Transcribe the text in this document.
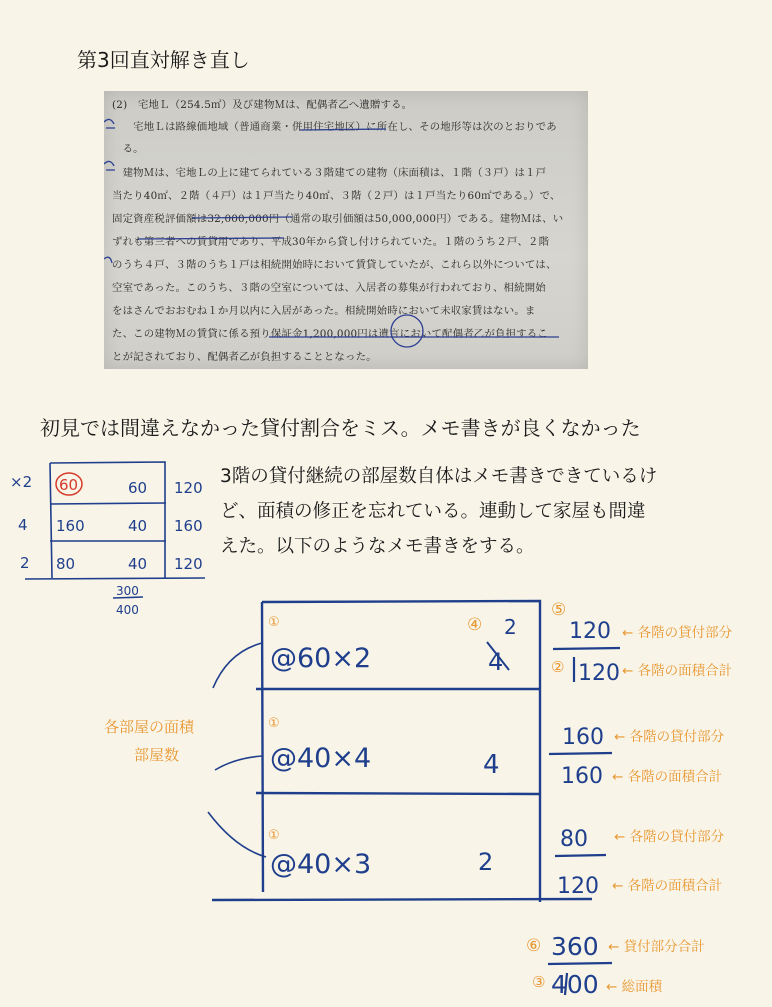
第3回直対解き直し
(2)　宅地Ｌ（254.5㎡）及び建物Ｍは、配偶者乙へ遺贈する。
　　宅地Ｌは路線価地域（普通商業・併用住宅地区）に所在し、その地形等は次のとおりであ
　る。
　建物Ｍは、宅地Ｌの上に建てられている３階建ての建物（床面積は、１階（３戸）は１戸
当たり40㎡、２階（４戸）は１戸当たり40㎡、３階（２戸）は１戸当たり60㎡である。）で、
固定資産税評価額は32,000,000円（通常の取引価額は50,000,000円）である。建物Ｍは、い
ずれも第三者への賃貸用であり、平成30年から貸し付けられていた。１階のうち２戸、２階
のうち４戸、３階のうち１戸は相続開始時において賃貸していたが、これら以外については、
空室であった。このうち、３階の空室については、入居者の募集が行われており、相続開始
をはさんでおおむね１か月以内に入居があった。相続開始時において未収家賃はない。ま
た、この建物Ｍの賃貸に係る預り保証金1,200,000円は遺言において配偶者乙が負担するこ
とが記されており、配偶者乙が負担することとなった。
初見では間違えなかった貸付割合をミス。メモ書きが良くなかった
3階の貸付継続の部屋数自体はメモ書きできているけ
ど、面積の修正を忘れている。連動して家屋も間違
えた。以下のようなメモ書きをする。
×2
4
2
60	60 120
160	40 160
80	40 120
300
400
各部屋の面積
部屋数
①
@60×2
④ 2
4
⑤
120 ← 各階の貸付部分
② 120 ← 各階の面積合計
①
@40×4	4
160 ← 各階の貸付部分
160 ← 各階の面積合計
①
@40×3	2
80 ← 各階の貸付部分
120 ← 各階の面積合計
⑥ 360 ← 貸付部分合計
③ 400 ← 総面積
